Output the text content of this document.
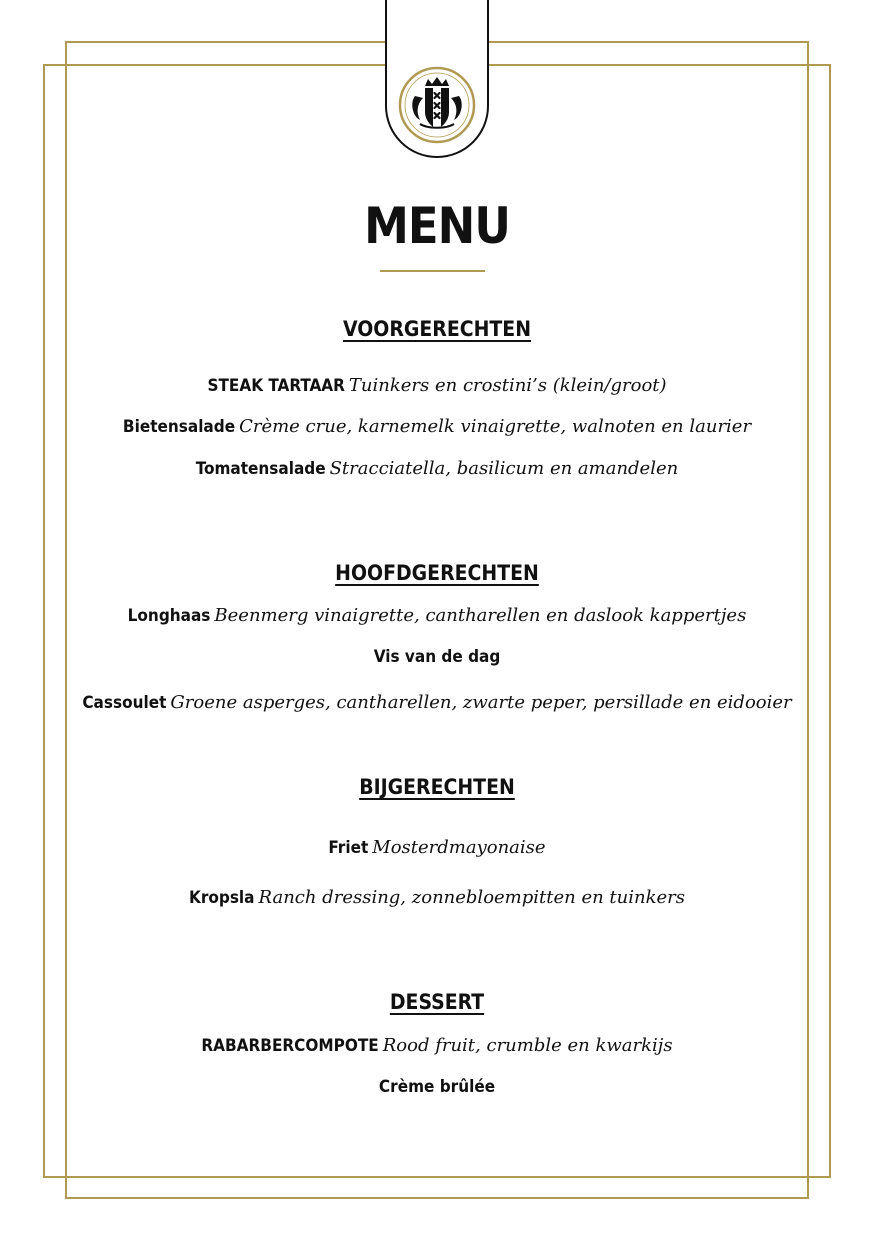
MENU
VOORGERECHTEN
STEAK TARTAAR Tuinkers en crostini’s (klein/groot)
Bietensalade Crème crue, karnemelk vinaigrette, walnoten en laurier
Tomatensalade Stracciatella, basilicum en amandelen
HOOFDGERECHTEN
Longhaas Beenmerg vinaigrette, cantharellen en daslook kappertjes
Vis van de dag
Cassoulet Groene asperges, cantharellen, zwarte peper, persillade en eidooier
BIJGERECHTEN
Friet Mosterdmayonaise
Kropsla Ranch dressing, zonnebloempitten en tuinkers
DESSERT
RABARBERCOMPOTE Rood fruit, crumble en kwarkijs
Crème brûlée
